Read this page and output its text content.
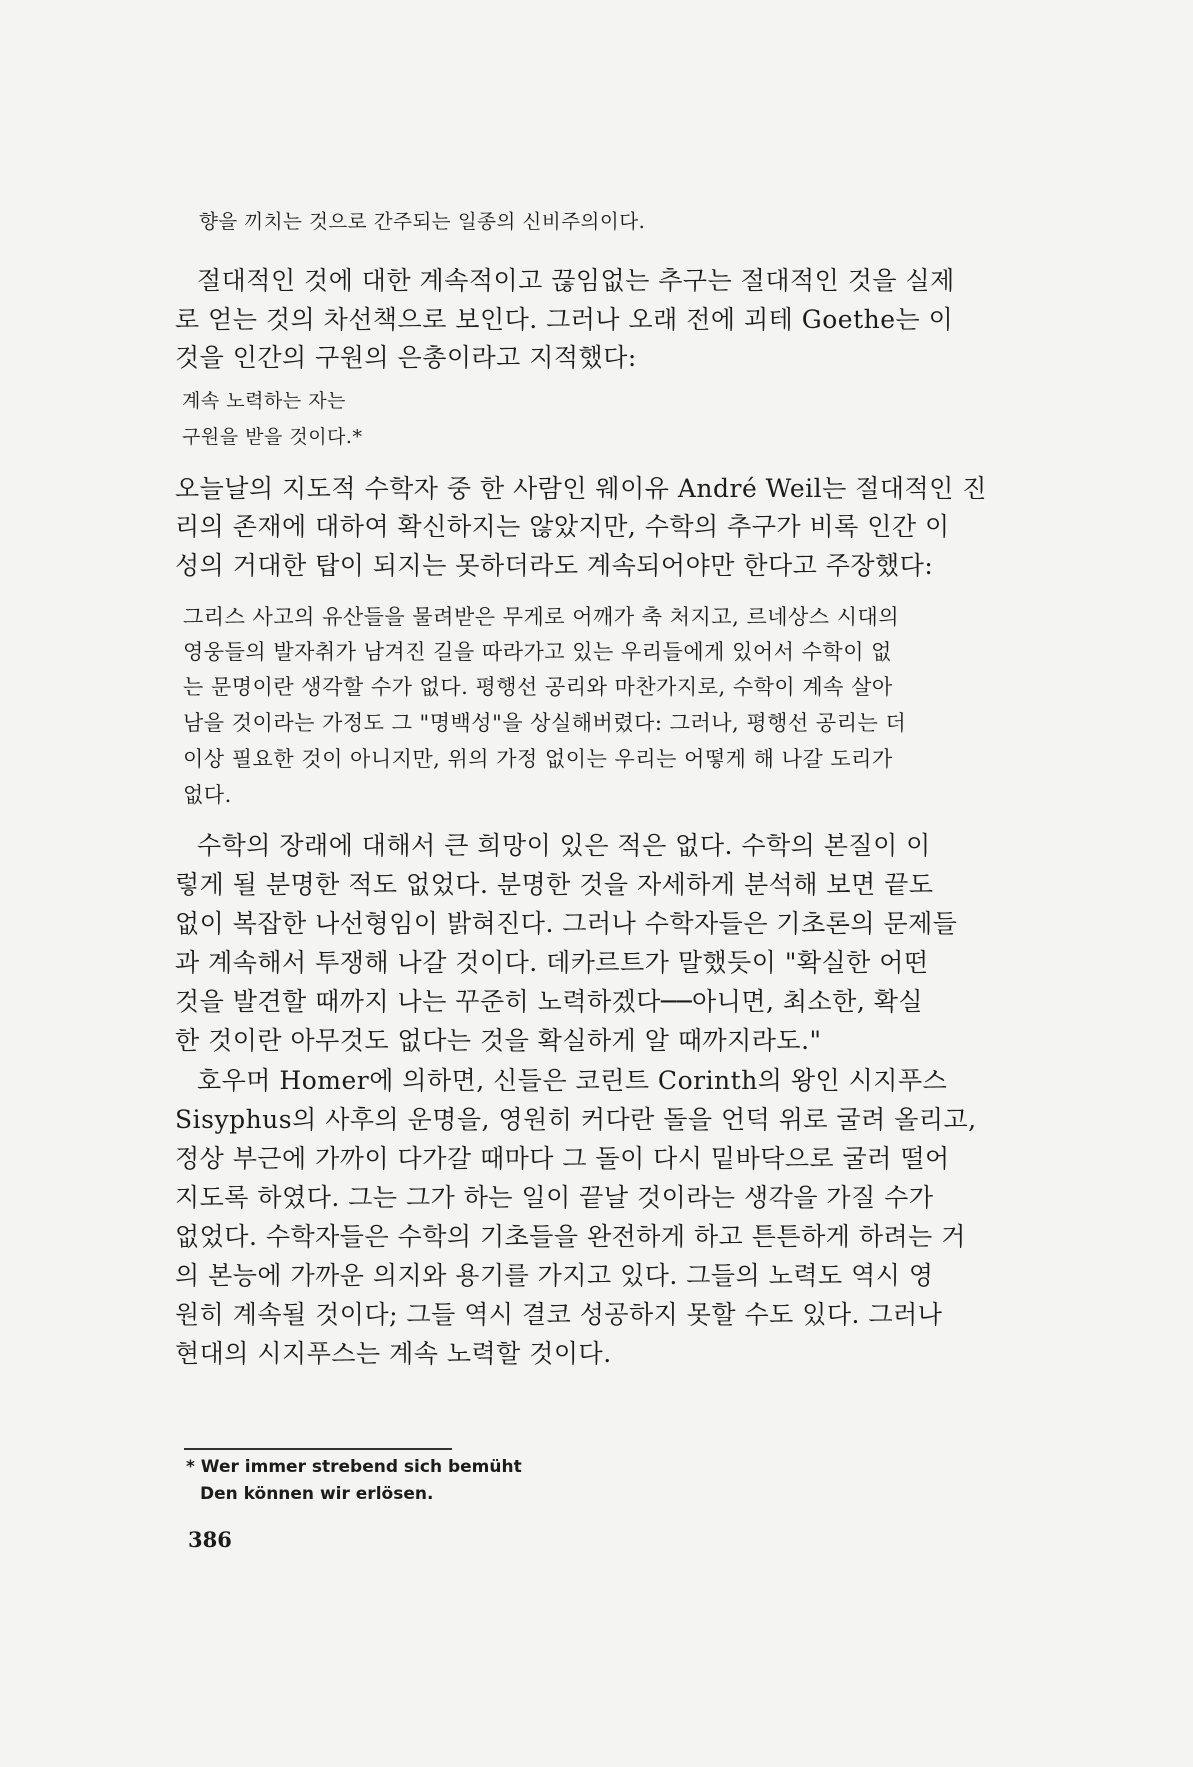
향을 끼치는 것으로 간주되는 일종의 신비주의이다.
절대적인 것에 대한 계속적이고 끊임없는 추구는 절대적인 것을 실제
로 얻는 것의 차선책으로 보인다. 그러나 오래 전에 괴테 Goethe는 이
것을 인간의 구원의 은총이라고 지적했다:
계속 노력하는 자는
구원을 받을 것이다.*
오늘날의 지도적 수학자 중 한 사람인 웨이유 André Weil는 절대적인 진
리의 존재에 대하여 확신하지는 않았지만, 수학의 추구가 비록 인간 이
성의 거대한 탑이 되지는 못하더라도 계속되어야만 한다고 주장했다:
그리스 사고의 유산들을 물려받은 무게로 어깨가 축 처지고, 르네상스 시대의
영웅들의 발자취가 남겨진 길을 따라가고 있는 우리들에게 있어서 수학이 없
는 문명이란 생각할 수가 없다. 평행선 공리와 마찬가지로, 수학이 계속 살아
남을 것이라는 가정도 그 "명백성"을 상실해버렸다: 그러나, 평행선 공리는 더
이상 필요한 것이 아니지만, 위의 가정 없이는 우리는 어떻게 해 나갈 도리가
없다.
수학의 장래에 대해서 큰 희망이 있은 적은 없다. 수학의 본질이 이
렇게 될 분명한 적도 없었다. 분명한 것을 자세하게 분석해 보면 끝도
없이 복잡한 나선형임이 밝혀진다. 그러나 수학자들은 기초론의 문제들
과 계속해서 투쟁해 나갈 것이다. 데카르트가 말했듯이 "확실한 어떤
것을 발견할 때까지 나는 꾸준히 노력하겠다──아니면, 최소한, 확실
한 것이란 아무것도 없다는 것을 확실하게 알 때까지라도."
호우머 Homer에 의하면, 신들은 코린트 Corinth의 왕인 시지푸스
Sisyphus의 사후의 운명을, 영원히 커다란 돌을 언덕 위로 굴려 올리고,
정상 부근에 가까이 다가갈 때마다 그 돌이 다시 밑바닥으로 굴러 떨어
지도록 하였다. 그는 그가 하는 일이 끝날 것이라는 생각을 가질 수가
없었다. 수학자들은 수학의 기초들을 완전하게 하고 튼튼하게 하려는 거
의 본능에 가까운 의지와 용기를 가지고 있다. 그들의 노력도 역시 영
원히 계속될 것이다; 그들 역시 결코 성공하지 못할 수도 있다. 그러나
현대의 시지푸스는 계속 노력할 것이다.
* Wer immer strebend sich bemüht
Den können wir erlösen.
386
